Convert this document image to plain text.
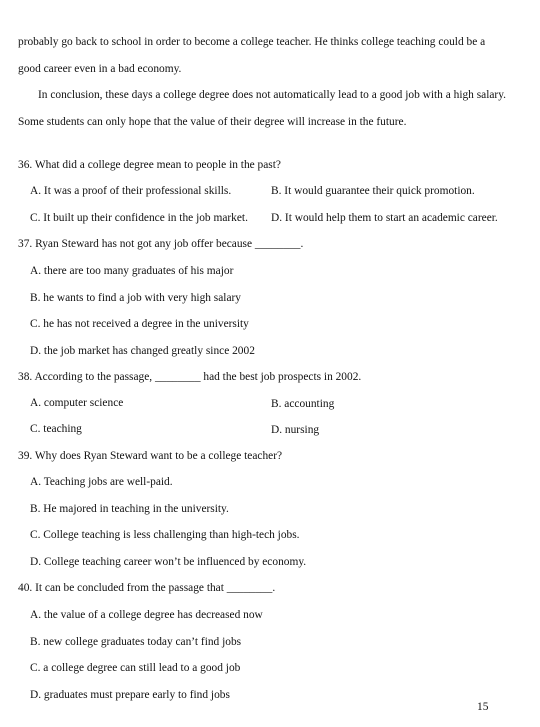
probably go back to school in order to become a college teacher. He thinks college teaching could be a
good career even in a bad economy.
In conclusion, these days a college degree does not automatically lead to a good job with a high salary.
Some students can only hope that the value of their degree will increase in the future.
36. What did a college degree mean to people in the past?
A. It was a proof of their professional skills.	B. It would guarantee their quick promotion.
C. It built up their confidence in the job market. D. It would help them to start an academic career.
37. Ryan Steward has not got any job offer because ________.
A. there are too many graduates of his major
B. he wants to find a job with very high salary
C. he has not received a degree in the university
D. the job market has changed greatly since 2002
38. According to the passage, ________ had the best job prospects in 2002.
A. computer science	B. accounting
C. teaching	D. nursing
39. Why does Ryan Steward want to be a college teacher?
A. Teaching jobs are well-paid.
B. He majored in teaching in the university.
C. College teaching is less challenging than high-tech jobs.
D. College teaching career won’t be influenced by economy.
40. It can be concluded from the passage that ________.
A. the value of a college degree has decreased now
B. new college graduates today can’t find jobs
C. a college degree can still lead to a good job
D. graduates must prepare early to find jobs
15
